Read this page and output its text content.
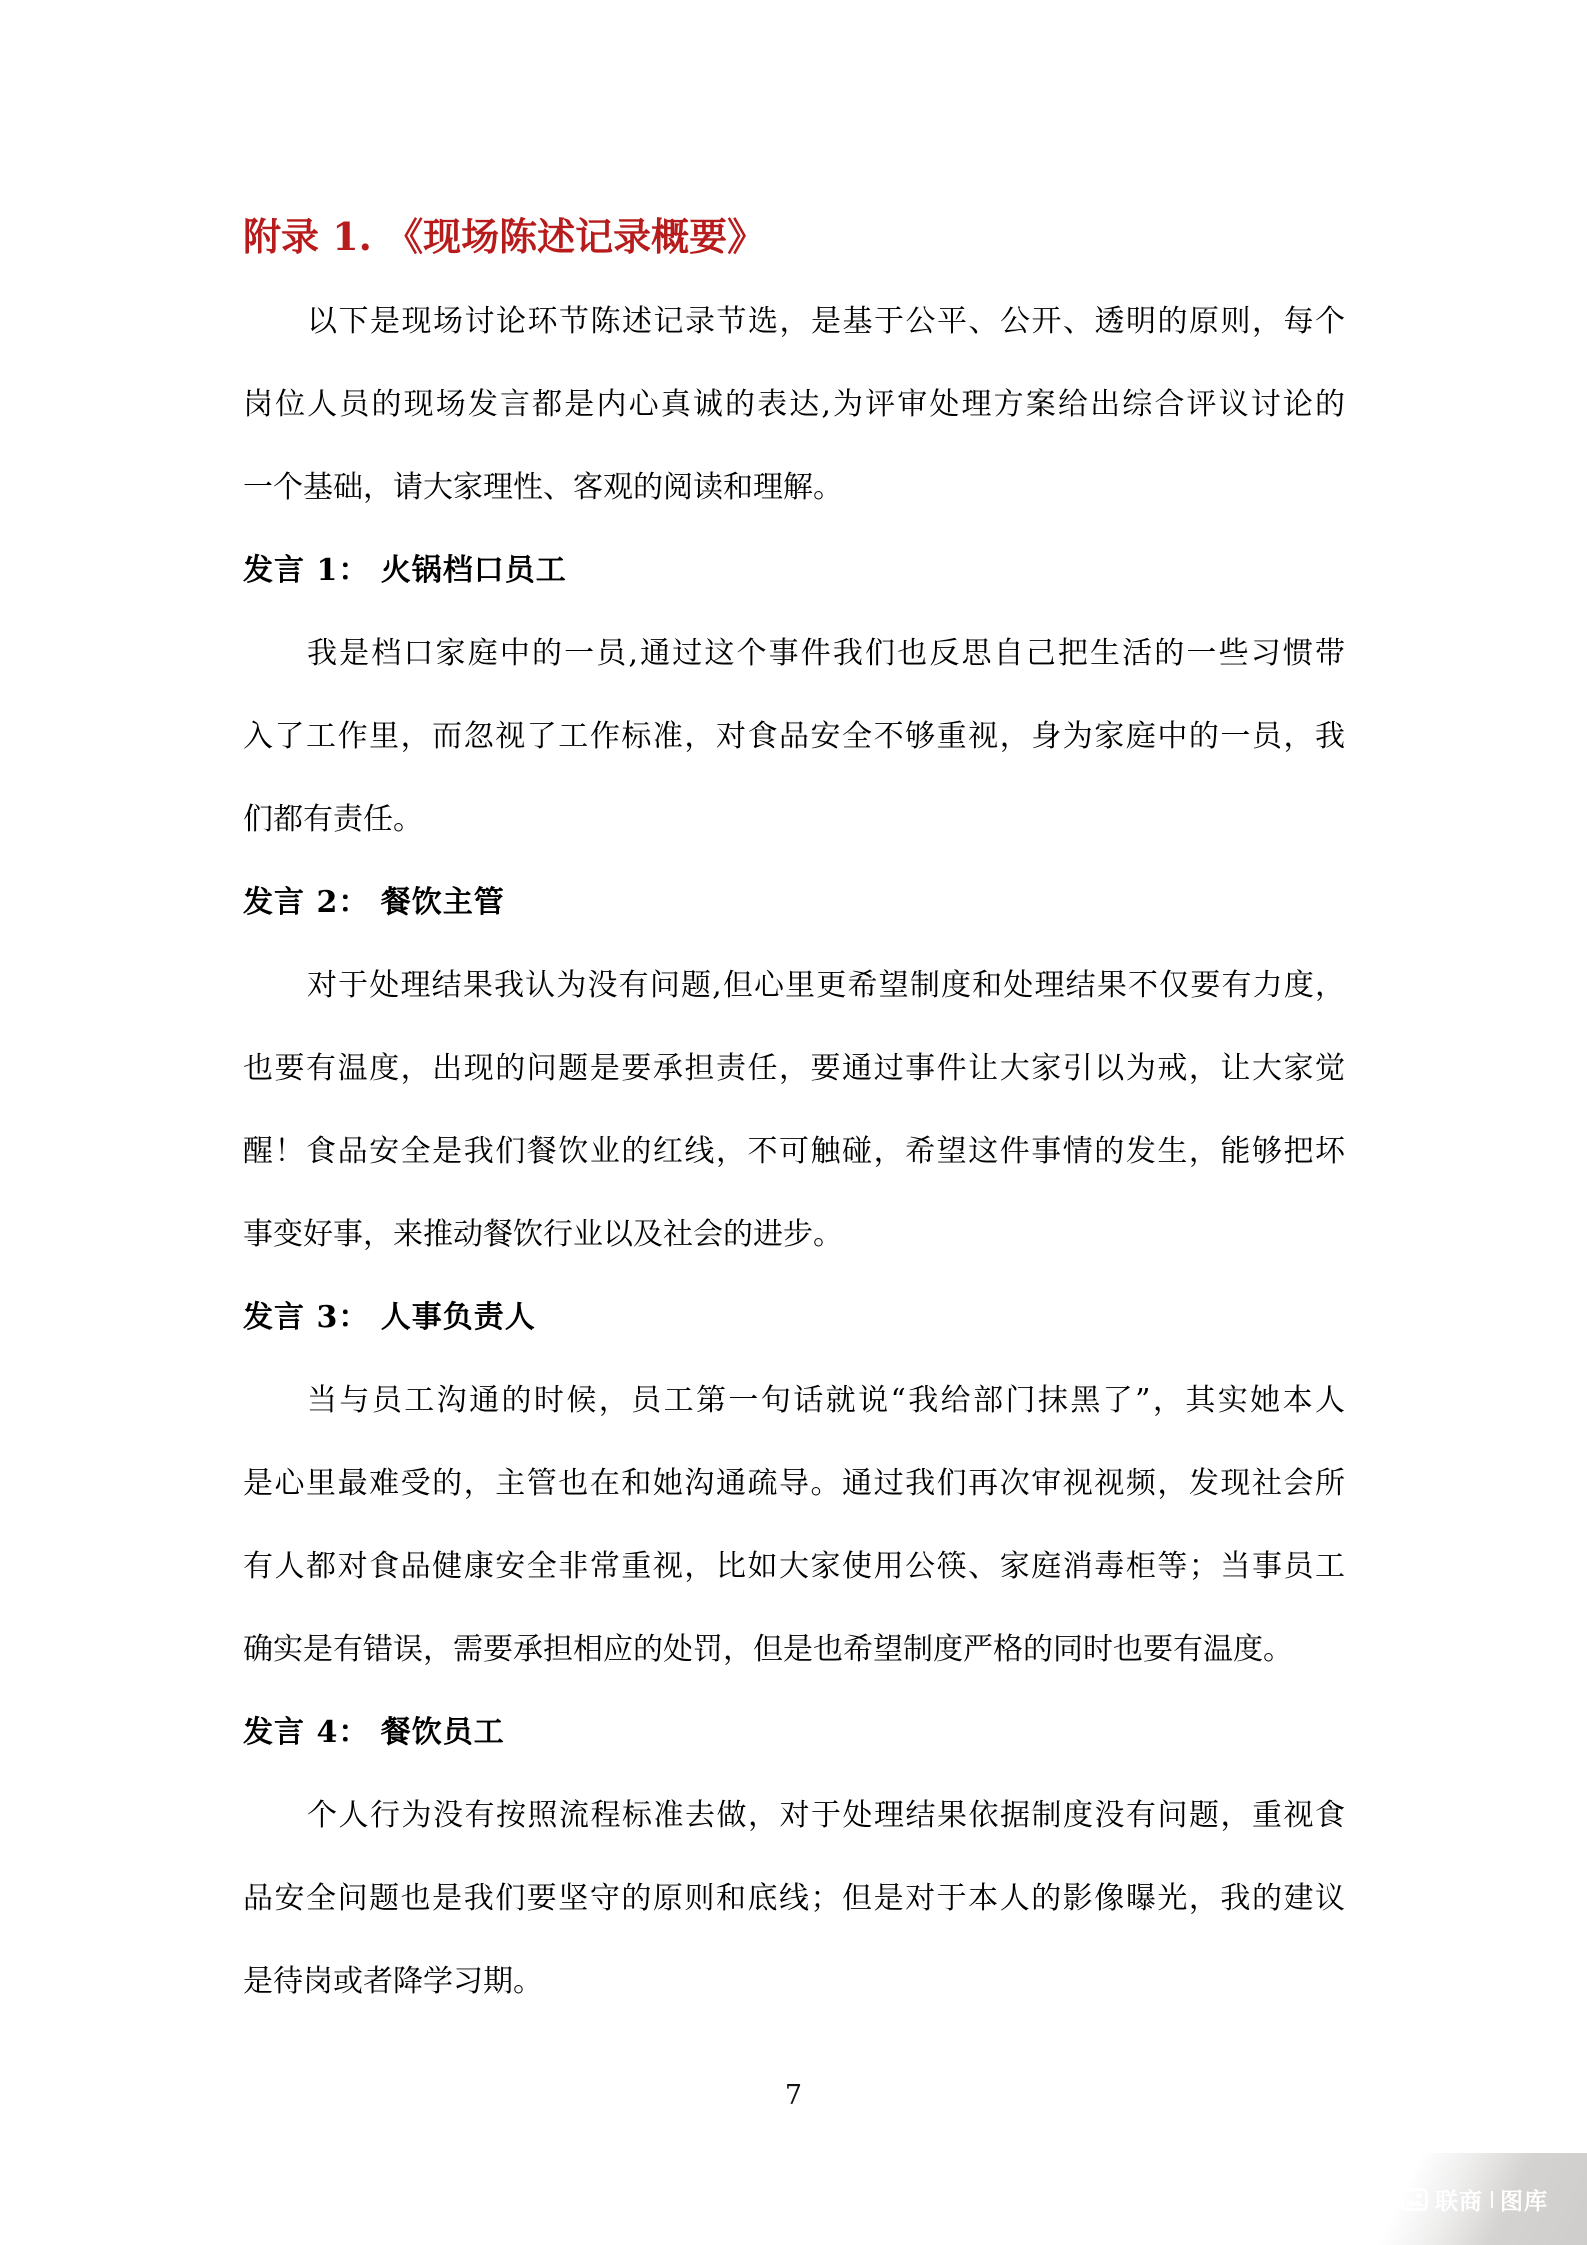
附录 1. 《现场陈述记录概要》
以下是现场讨论环节陈述记录节选，是基于公平、公开、透明的原则，每个
岗位人员的现场发言都是内心真诚的表达,为评审处理方案给出综合评议讨论的
一个基础，请大家理性、客观的阅读和理解。
发言 1： 火锅档口员工
我是档口家庭中的一员,通过这个事件我们也反思自己把生活的一些习惯带
入了工作里，而忽视了工作标准，对食品安全不够重视，身为家庭中的一员，我
们都有责任。
发言 2： 餐饮主管
对于处理结果我认为没有问题,但心里更希望制度和处理结果不仅要有力度，
也要有温度，出现的问题是要承担责任，要通过事件让大家引以为戒，让大家觉
醒！食品安全是我们餐饮业的红线，不可触碰，希望这件事情的发生，能够把坏
事变好事，来推动餐饮行业以及社会的进步。
发言 3： 人事负责人
当与员工沟通的时候，员工第一句话就说“我给部门抹黑了”，其实她本人
是心里最难受的，主管也在和她沟通疏导。通过我们再次审视视频，发现社会所
有人都对食品健康安全非常重视，比如大家使用公筷、家庭消毒柜等；当事员工
确实是有错误，需要承担相应的处罚，但是也希望制度严格的同时也要有温度。
发言 4： 餐饮员工
个人行为没有按照流程标准去做，对于处理结果依据制度没有问题，重视食
品安全问题也是我们要坚守的原则和底线；但是对于本人的影像曝光，我的建议
是待岗或者降学习期。
7
联商 图库
